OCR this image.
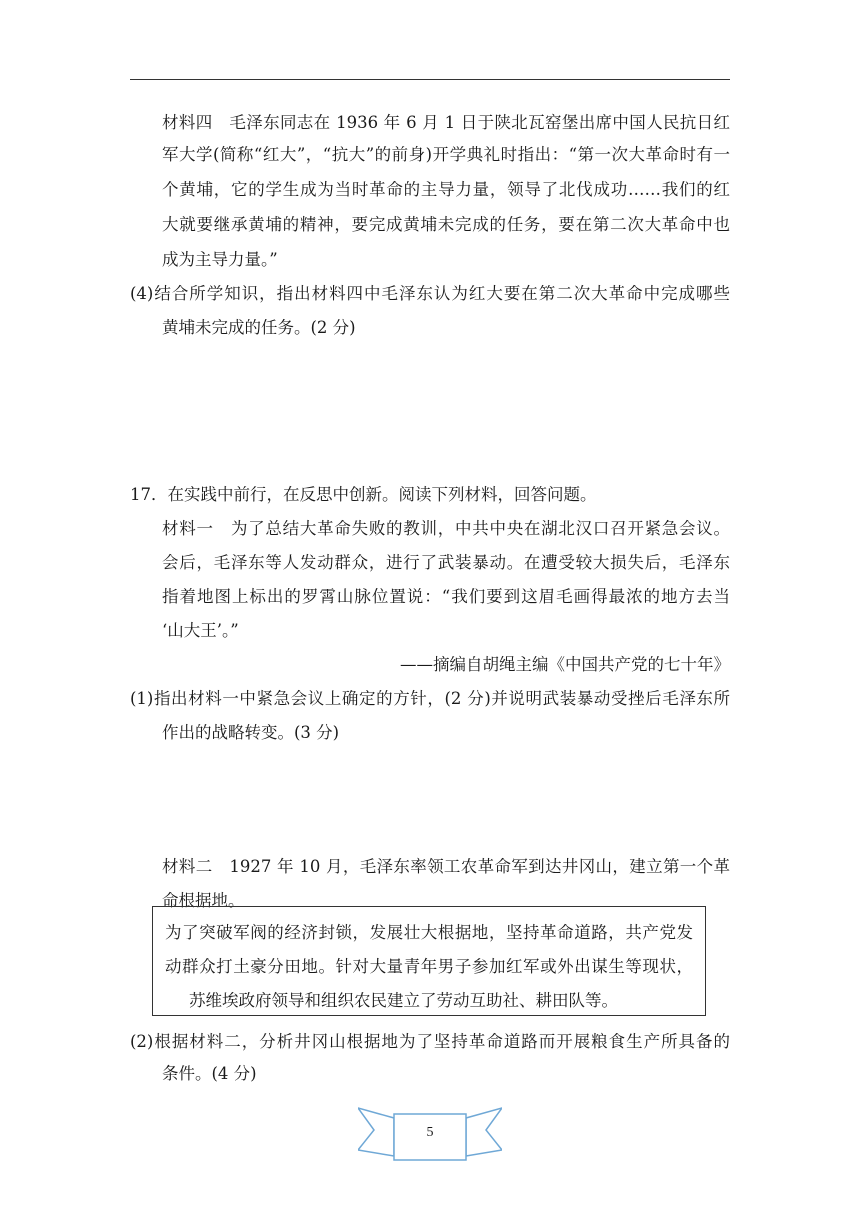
材料四　毛泽东同志在 1936 年 6 月 1 日于陕北瓦窑堡出席中国人民抗日红
军大学(简称“红大”，“抗大”的前身)开学典礼时指出：“第一次大革命时有一
个黄埔，它的学生成为当时革命的主导力量，领导了北伐成功……我们的红
大就要继承黄埔的精神，要完成黄埔未完成的任务，要在第二次大革命中也
成为主导力量。”
(4)结合所学知识，指出材料四中毛泽东认为红大要在第二次大革命中完成哪些
黄埔未完成的任务。(2 分)
17．在实践中前行，在反思中创新。阅读下列材料，回答问题。
材料一　为了总结大革命失败的教训，中共中央在湖北汉口召开紧急会议。
会后，毛泽东等人发动群众，进行了武装暴动。在遭受较大损失后，毛泽东
指着地图上标出的罗霄山脉位置说：“我们要到这眉毛画得最浓的地方去当
‘山大王’。”
——摘编自胡绳主编《中国共产党的七十年》
(1)指出材料一中紧急会议上确定的方针，(2 分)并说明武装暴动受挫后毛泽东所
作出的战略转变。(3 分)
材料二　1927 年 10 月，毛泽东率领工农革命军到达井冈山，建立第一个革
命根据地。
为了突破军阀的经济封锁，发展壮大根据地，坚持革命道路，共产党发
动群众打土豪分田地。针对大量青年男子参加红军或外出谋生等现状，
苏维埃政府领导和组织农民建立了劳动互助社、耕田队等。
(2)根据材料二，分析井冈山根据地为了坚持革命道路而开展粮食生产所具备的
条件。(4 分)
5
